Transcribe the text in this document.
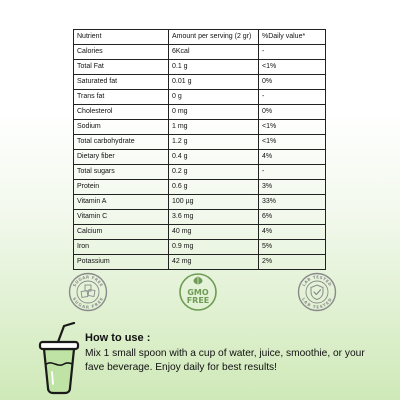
Nutrient	Amount per serving (2 gr)	%Daily value*
Calories	6Kcal	-
Total Fat	0.1 g	<1%
Saturated fat	0.01 g	0%
Trans fat	0 g	-
Cholesterol	0 mg	0%
Sodium	1 mg	<1%
Total carbohydrate	1.2 g	<1%
Dietary fiber	0.4 g	4%
Total sugars	0.2 g	-
Protein	0.6 g	3%
Vitamin A	100 µg	33%
Vitamin C	3.6 mg	6%
Calcium	40 mg	4%
Iron	0.9 mg	5%
Potassium	42 mg	2%
SUGAR FREE
SUGAR FREE
GMO
FREE
LAB TESTED
LAB TESTED

How to use :

Mix 1 small spoon with a cup of water, juice, smoothie, or your fave beverage. Enjoy daily for best results!
